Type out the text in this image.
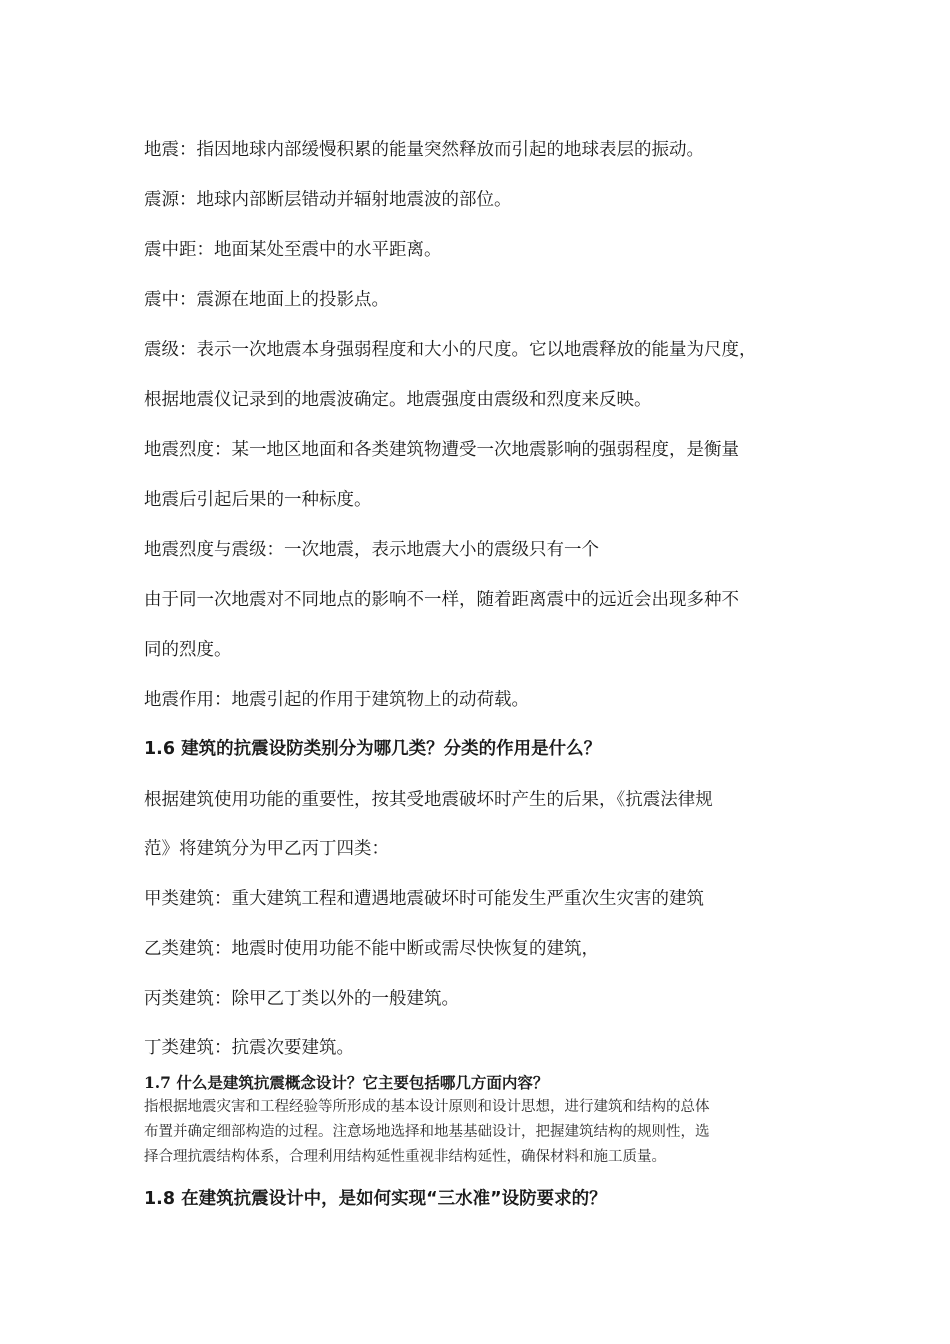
地震：指因地球内部缓慢积累的能量突然释放而引起的地球表层的振动。
震源：地球内部断层错动并辐射地震波的部位。
震中距：地面某处至震中的水平距离。
震中：震源在地面上的投影点。
震级：表示一次地震本身强弱程度和大小的尺度。它以地震释放的能量为尺度，
根据地震仪记录到的地震波确定。地震强度由震级和烈度来反映。
地震烈度：某一地区地面和各类建筑物遭受一次地震影响的强弱程度，是衡量
地震后引起后果的一种标度。
地震烈度与震级：一次地震，表示地震大小的震级只有一个
由于同一次地震对不同地点的影响不一样，随着距离震中的远近会出现多种不
同的烈度。
地震作用：地震引起的作用于建筑物上的动荷载。
1.6 建筑的抗震设防类别分为哪几类？分类的作用是什么？
根据建筑使用功能的重要性，按其受地震破坏时产生的后果，《抗震法律规
范》将建筑分为甲乙丙丁四类：
甲类建筑：重大建筑工程和遭遇地震破坏时可能发生严重次生灾害的建筑
乙类建筑：地震时使用功能不能中断或需尽快恢复的建筑，
丙类建筑：除甲乙丁类以外的一般建筑。
丁类建筑：抗震次要建筑。
1.7 什么是建筑抗震概念设计？它主要包括哪几方面内容？
指根据地震灾害和工程经验等所形成的基本设计原则和设计思想，进行建筑和结构的总体
布置并确定细部构造的过程。注意场地选择和地基基础设计，把握建筑结构的规则性，选
择合理抗震结构体系，合理利用结构延性重视非结构延性，确保材料和施工质量。
1.8 在建筑抗震设计中，是如何实现“三水准”设防要求的？
